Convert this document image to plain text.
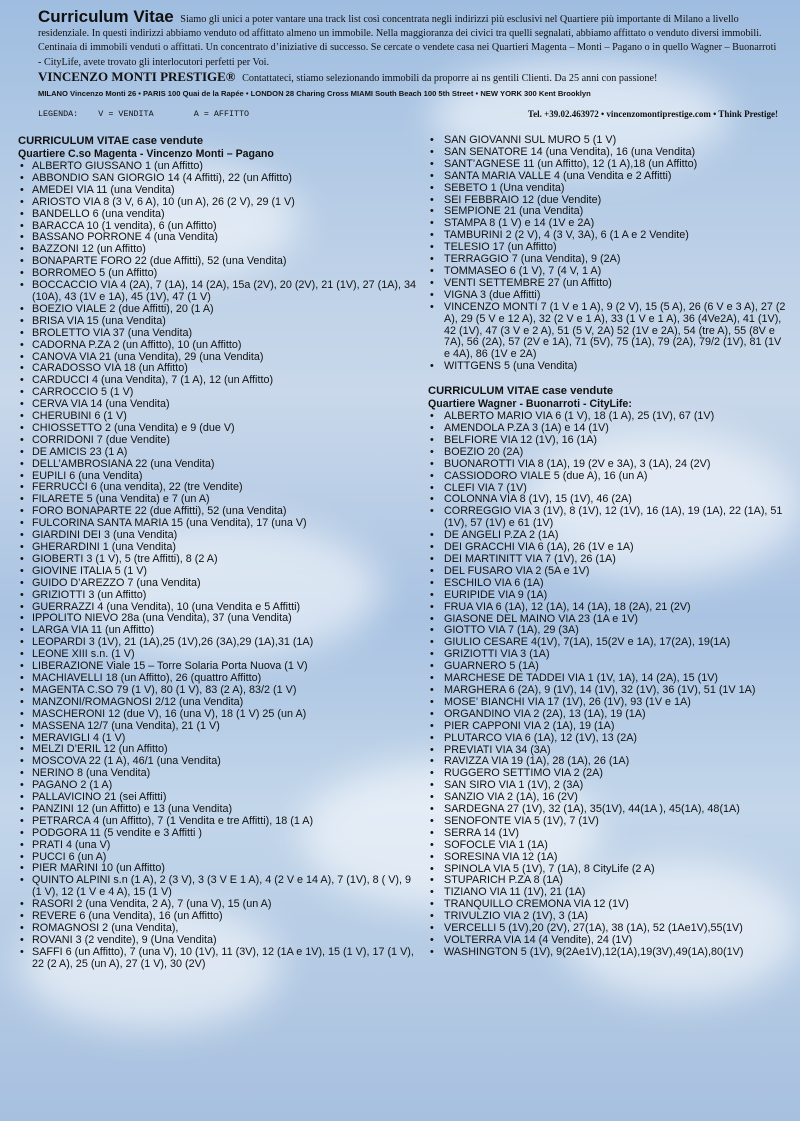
Curriculum Vitae Siamo gli unici a poter vantare una track list così concentrata negli indirizzi più esclusivi nel Quartiere più importante di Milano a livello residenziale. In questi indirizzi abbiamo venduto od affittato almeno un immobile. Nella maggioranza dei civici tra quelli segnalati, abbiamo affittato o venduto diversi immobili. Centinaia di immobili venduti o affittati. Un concentrato d’iniziative di successo. Se cercate o vendete casa nei Quartieri Magenta – Monti – Pagano o in quello Wagner – Buonarroti - CityLife, avete trovato gli interlocutori perfetti per Voi.
VINCENZO MONTI PRESTIGE® Contattateci, stiamo selezionando immobili da proporre ai ns gentili Clienti. Da 25 anni con passione!
MILANO Vincenzo Monti 26 • PARIS 100 Quai de la Rapée • LONDON 28 Charing Cross MIAMI South Beach 100 5th Street • NEW YORK 300 Kent Brooklyn
LEGENDA:    V = VENDITA        A = AFFITTO	Tel. +39.02.463972 • vincenzomontiprestige.com • Think Prestige!
CURRICULUM VITAE case vendute
Quartiere C.so Magenta - Vincenzo Monti – Pagano
• ALBERTO GIUSSANO 1 (un Affitto)
• ABBONDIO SAN GIORGIO 14 (4 Affitti), 22 (un Affitto)
• AMEDEI VIA 11 (una Vendita)
• ARIOSTO VIA 8 (3 V, 6 A), 10 (un A), 26 (2 V), 29 (1 V)
• BANDELLO 6 (una vendita)
• BARACCA 10 (1 vendita), 6 (un Affitto)
• BASSANO PORRONE 4 (una Vendita)
• BAZZONI 12 (un Affitto)
• BONAPARTE FORO 22 (due Affitti), 52 (una Vendita)
• BORROMEO 5 (un Affitto)
• BOCCACCIO VIA 4 (2A), 7 (1A), 14 (2A), 15a (2V), 20 (2V), 21 (1V), 27 (1A), 34 (10A), 43 (1V e 1A), 45 (1V), 47 (1 V)
• BOEZIO VIALE 2 (due Affitti), 20 (1 A)
• BRISA VIA 15 (una Vendita)
• BROLETTO VIA 37 (una Vendita)
• CADORNA P.ZA 2 (un Affitto), 10 (un Affitto)
• CANOVA VIA 21 (una Vendita), 29 (una Vendita)
• CARADOSSO VIA 18 (un Affitto)
• CARDUCCI 4 (una Vendita), 7 (1 A), 12 (un Affitto)
• CARROCCIO 5 (1 V)
• CERVA VIA 14 (una Vendita)
• CHERUBINI 6 (1 V)
• CHIOSSETTO 2 (una Vendita) e 9 (due V)
• CORRIDONI 7 (due Vendite)
• DE AMICIS 23 (1 A)
• DELL’AMBROSIANA 22 (una Vendita)
• EUPILI 6 (una Vendita)
• FERRUCCI 6 (una vendita), 22 (tre Vendite)
• FILARETE 5 (una Vendita) e 7 (un A)
• FORO BONAPARTE 22 (due Affitti), 52 (una Vendita)
• FULCORINA SANTA MARIA 15 (una Vendita), 17 (una V)
• GIARDINI DEI 3 (una Vendita)
• GHERARDINI 1 (una Vendita)
• GIOBERTI 3 (1 V), 5 (tre Affitti), 8 (2 A)
• GIOVINE ITALIA 5 (1 V)
• GUIDO D’AREZZO 7 (una Vendita)
• GRIZIOTTI 3 (un Affitto)
• GUERRAZZI 4 (una Vendita), 10 (una Vendita e 5 Affitti)
• IPPOLITO NIEVO 28a (una Vendita), 37 (una Vendita)
• LARGA VIA 11 (un Affitto)
• LEOPARDI 3 (1V), 21 (1A),25 (1V),26 (3A),29 (1A),31 (1A)
• LEONE XIII s.n. (1 V)
• LIBERAZIONE Viale 15 – Torre Solaria Porta Nuova (1 V)
• MACHIAVELLI 18 (un Affitto), 26 (quattro Affitto)
• MAGENTA C.SO 79 (1 V), 80 (1 V), 83 (2 A), 83/2 (1 V)
• MANZONI/ROMAGNOSI 2/12 (una Vendita)
• MASCHERONI 12 (due V), 16 (una V), 18 (1 V) 25 (un A)
• MASSENA 12/7 (una Vendita), 21 (1 V)
• MERAVIGLI 4 (1 V)
• MELZI D’ERIL 12 (un Affitto)
• MOSCOVA 22 (1 A), 46/1 (una Vendita)
• NERINO 8 (una Vendita)
• PAGANO 2 (1 A)
• PALLAVICINO 21 (sei Affitti)
• PANZINI 12 (un Affitto) e 13 (una Vendita)
• PETRARCA 4 (un Affitto), 7 (1 Vendita e tre Affitti), 18 (1 A)
• PODGORA 11 (5 vendite e 3 Affitti )
• PRATI 4 (una V)
• PUCCI 6 (un A)
• PIER MARINI 10 (un Affitto)
• QUINTO ALPINI s.n (1 A), 2 (3 V), 3 (3 V E 1 A), 4 (2 V e 14 A), 7 (1V), 8 ( V), 9 (1 V), 12 (1 V e 4 A), 15 (1 V)
• RASORI 2 (una Vendita, 2 A), 7 (una V), 15 (un A)
• REVERE 6 (una Vendita), 16 (un Affitto)
• ROMAGNOSI 2 (una Vendita),
• ROVANI 3 (2 vendite), 9 (Una Vendita)
• SAFFI 6 (un Affitto), 7 (una V), 10 (1V), 11 (3V), 12 (1A e 1V), 15 (1 V), 17 (1 V), 22 (2 A), 25 (un A), 27 (1 V), 30 (2V)
• SAN GIOVANNI SUL MURO 5 (1 V)
• SAN SENATORE 14 (una Vendita), 16 (una Vendita)
• SANT’AGNESE 11 (un Affitto), 12 (1 A),18 (un Affitto)
• SANTA MARIA VALLE 4 (una Vendita e 2 Affitti)
• SEBETO 1 (Una vendita)
• SEI FEBBRAIO 12 (due Vendite)
• SEMPIONE 21 (una Vendita)
• STAMPA 8 (1 V) e 14 (1V e 2A)
• TAMBURINI 2 (2 V), 4 (3 V, 3A), 6 (1 A e 2 Vendite)
• TELESIO 17 (un Affitto)
• TERRAGGIO 7 (una Vendita), 9 (2A)
• TOMMASEO 6 (1 V), 7 (4 V, 1 A)
• VENTI SETTEMBRE 27 (un Affitto)
• VIGNA 3 (due Affitti)
• VINCENZO MONTI 7 (1 V e 1 A), 9 (2 V), 15 (5 A), 26 (6 V e 3 A), 27 (2 A), 29 (5 V e 12 A), 32 (2 V e 1 A), 33 (1 V e 1 A), 36 (4Ve2A), 41 (1V), 42 (1V), 47 (3 V e 2 A), 51 (5 V, 2A) 52 (1V e 2A), 54 (tre A), 55 (8V e 7A), 56 (2A), 57 (2V e 1A), 71 (5V), 75 (1A), 79 (2A), 79/2 (1V), 81 (1V e 4A), 86 (1V e 2A)
• WITTGENS 5 (una Vendita)
CURRICULUM VITAE case vendute
Quartiere Wagner - Buonarroti - CityLife:
• ALBERTO MARIO VIA 6 (1 V), 18 (1 A), 25 (1V), 67 (1V)
• AMENDOLA P.ZA 3 (1A) e 14 (1V)
• BELFIORE VIA 12 (1V), 16 (1A)
• BOEZIO 20 (2A)
• BUONAROTTI VIA 8 (1A), 19 (2V e 3A), 3 (1A), 24 (2V)
• CASSIODORO VIALE 5 (due A), 16 (un A)
• CLEFI VIA 7 (1V)
• COLONNA VIA 8 (1V), 15 (1V), 46 (2A)
• CORREGGIO VIA 3 (1V), 8 (1V), 12 (1V), 16 (1A), 19 (1A), 22 (1A), 51 (1V), 57 (1V) e 61 (1V)
• DE ANGELI P.ZA 2 (1A)
• DEI GRACCHI VIA 6 (1A), 26 (1V e 1A)
• DEI MARTINITT VIA 7 (1V), 26 (1A)
• DEL FUSARO VIA 2 (5A e 1V)
• ESCHILO VIA 6 (1A)
• EURIPIDE VIA 9 (1A)
• FRUA VIA 6 (1A), 12 (1A), 14 (1A), 18 (2A), 21 (2V)
• GIASONE DEL MAINO VIA 23 (1A e 1V)
• GIOTTO VIA 7 (1A), 29 (3A)
• GIULIO CESARE 4(1V), 7(1A), 15(2V e 1A), 17(2A), 19(1A)
• GRIZIOTTI VIA 3 (1A)
• GUARNERO 5 (1A)
• MARCHESE DE TADDEI VIA 1 (1V, 1A), 14 (2A), 15 (1V)
• MARGHERA 6 (2A), 9 (1V), 14 (1V), 32 (1V), 36 (1V), 51 (1V 1A)
• MOSE’ BIANCHI VIA 17 (1V), 26 (1V), 93 (1V e 1A)
• ORGANDINO VIA 2 (2A), 13 (1A), 19 (1A)
• PIER CAPPONI VIA 2 (1A), 19 (1A)
• PLUTARCO VIA 6 (1A), 12 (1V), 13 (2A)
• PREVIATI VIA 34 (3A)
• RAVIZZA VIA 19 (1A), 28 (1A), 26 (1A)
• RUGGERO SETTIMO VIA 2 (2A)
• SAN SIRO VIA 1 (1V), 2 (3A)
• SANZIO VIA 2 (1A), 16 (2V)
• SARDEGNA 27 (1V), 32 (1A), 35(1V), 44(1A ), 45(1A), 48(1A)
• SENOFONTE VIA 5 (1V), 7 (1V)
• SERRA 14 (1V)
• SOFOCLE VIA 1 (1A)
• SORESINA VIA 12 (1A)
• SPINOLA VIA 5 (1V), 7 (1A), 8 CityLife (2 A)
• STUPARICH P.ZA 8 (1A)
• TIZIANO VIA 11 (1V), 21 (1A)
• TRANQUILLO CREMONA VIA 12 (1V)
• TRIVULZIO VIA 2 (1V), 3 (1A)
• VERCELLI 5 (1V),20 (2V), 27(1A), 38 (1A), 52 (1Ae1V),55(1V)
• VOLTERRA VIA 14 (4 Vendite), 24 (1V)
• WASHINGTON 5 (1V), 9(2Ae1V),12(1A),19(3V),49(1A),80(1V)
